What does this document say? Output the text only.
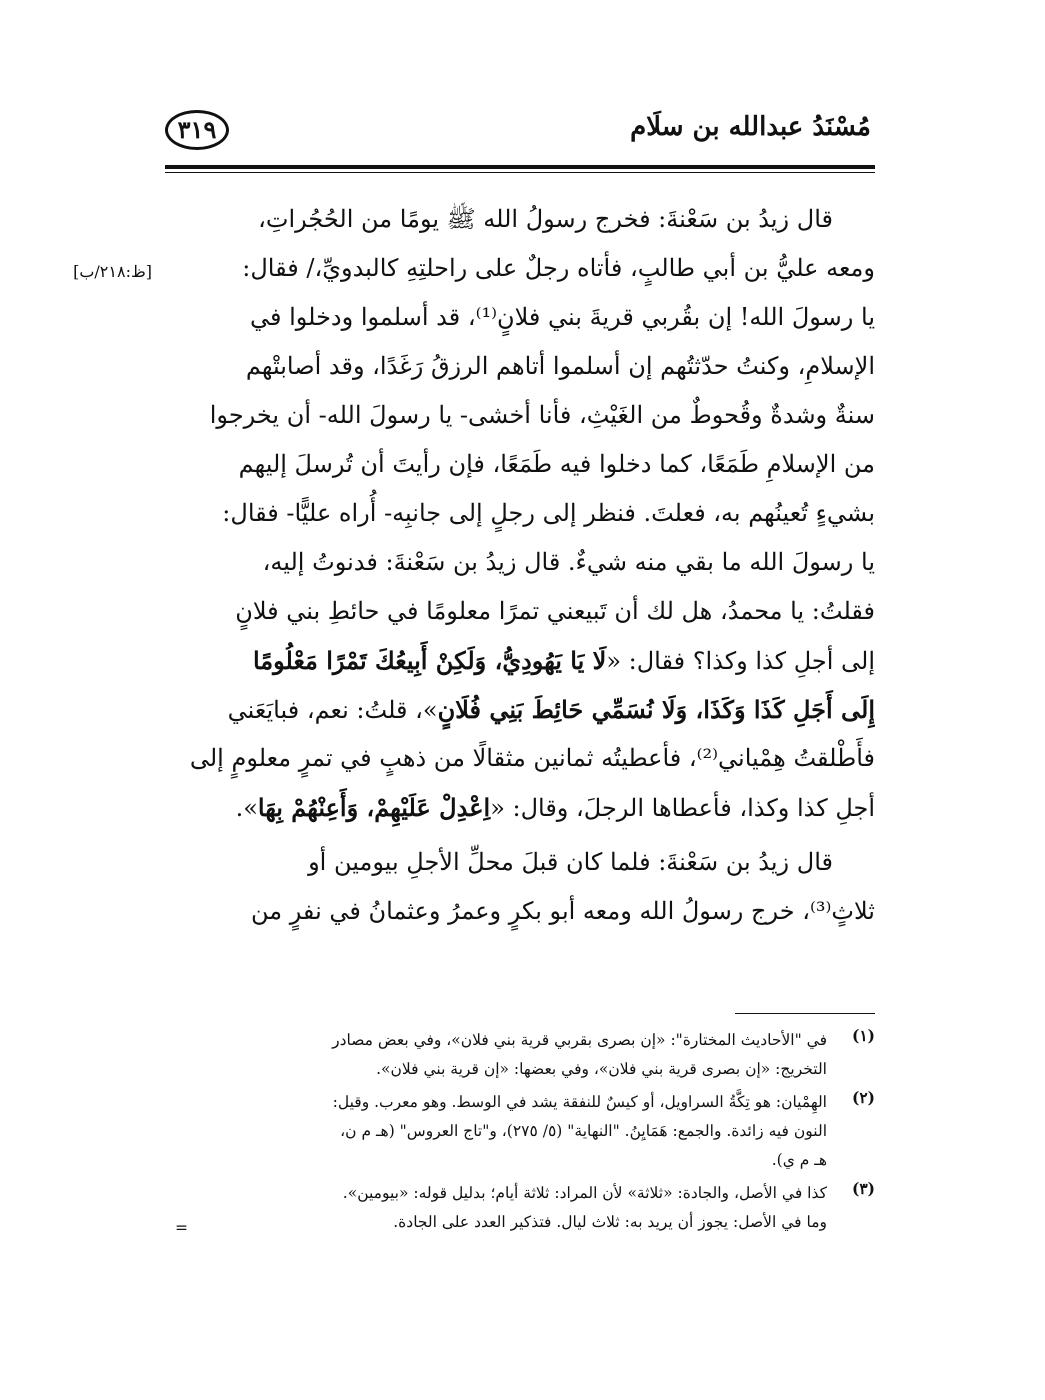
مُسْنَدُ عبدالله بن سلَام
٣١٩
[ظ:٢١٨/ب]
قال زيدُ بن سَعْنةَ: فخرج رسولُ الله ﷺ يومًا من الحُجُراتِ،
ومعه عليُّ بن أبي طالبٍ، فأتاه رجلٌ على راحلتِهِ كالبدويِّ،/ فقال:
يا رسولَ الله! إن بقُربي قريةَ بني فلانٍ⁽¹⁾، قد أسلموا ودخلوا في
الإسلامِ، وكنتُ حدّثتُهم إن أسلموا أتاهم الرزقُ رَغَدًا، وقد أصابتْهم
سنةٌ وشدةٌ وقُحوطٌ من الغَيْثِ، فأنا أخشى- يا رسولَ الله- أن يخرجوا
من الإسلامِ طَمَعًا، كما دخلوا فيه طَمَعًا، فإن رأيتَ أن تُرسلَ إليهم
بشيءٍ تُعينُهم به، فعلتَ. فنظر إلى رجلٍ إلى جانبِه- أُراه عليًّا- فقال:
يا رسولَ الله ما بقي منه شيءٌ. قال زيدُ بن سَعْنةَ: فدنوتُ إليه،
فقلتُ: يا محمدُ، هل لك أن تَبيعني تمرًا معلومًا في حائطِ بني فلانٍ
إلى أجلِ كذا وكذا؟ فقال: «لَا يَا يَهُودِيُّ، وَلَكِنْ أَبِيعُكَ تَمْرًا مَعْلُومًا
إِلَى أَجَلِ كَذَا وَكَذَا، وَلَا نُسَمِّي حَائِطَ بَنِي فُلَانٍ»، قلتُ: نعم، فبايَعَني
فأَطْلقتُ هِمْياني⁽²⁾، فأعطيتُه ثمانين مثقالًا من ذهبٍ في تمرٍ معلومٍ إلى
أجلِ كذا وكذا، فأعطاها الرجلَ، وقال: «اِعْدِلْ عَلَيْهِمْ، وَأَعِنْهُمْ بِهَا».
قال زيدُ بن سَعْنةَ: فلما كان قبلَ محلِّ الأجلِ بيومين أو
ثلاثٍ⁽³⁾، خرج رسولُ الله ومعه أبو بكرٍ وعمرُ وعثمانُ في نفرٍ من
(١)
في "الأحاديث المختارة": «إن بصرى بقربي قرية بني فلان»، وفي بعض مصادر
التخريج: «إن بصرى قرية بني فلان»، وفي بعضها: «إن قرية بني فلان».
(٢)
الهِمْيان: هو تِكَّةُ السراويل، أو كيسٌ للنفقة يشد في الوسط. وهو معرب. وقيل:
النون فيه زائدة. والجمع: هَمَايِنُ. "النهاية" (٥/ ٢٧٥)، و"تاج العروس" (هـ م ن،
هـ م ي).
(٣)
كذا في الأصل، والجادة: «ثلاثة» لأن المراد: ثلاثة أيام؛ بدليل قوله: «بيومين».
وما في الأصل: يجوز أن يريد به: ثلاث ليال. فتذكير العدد على الجادة.
=
